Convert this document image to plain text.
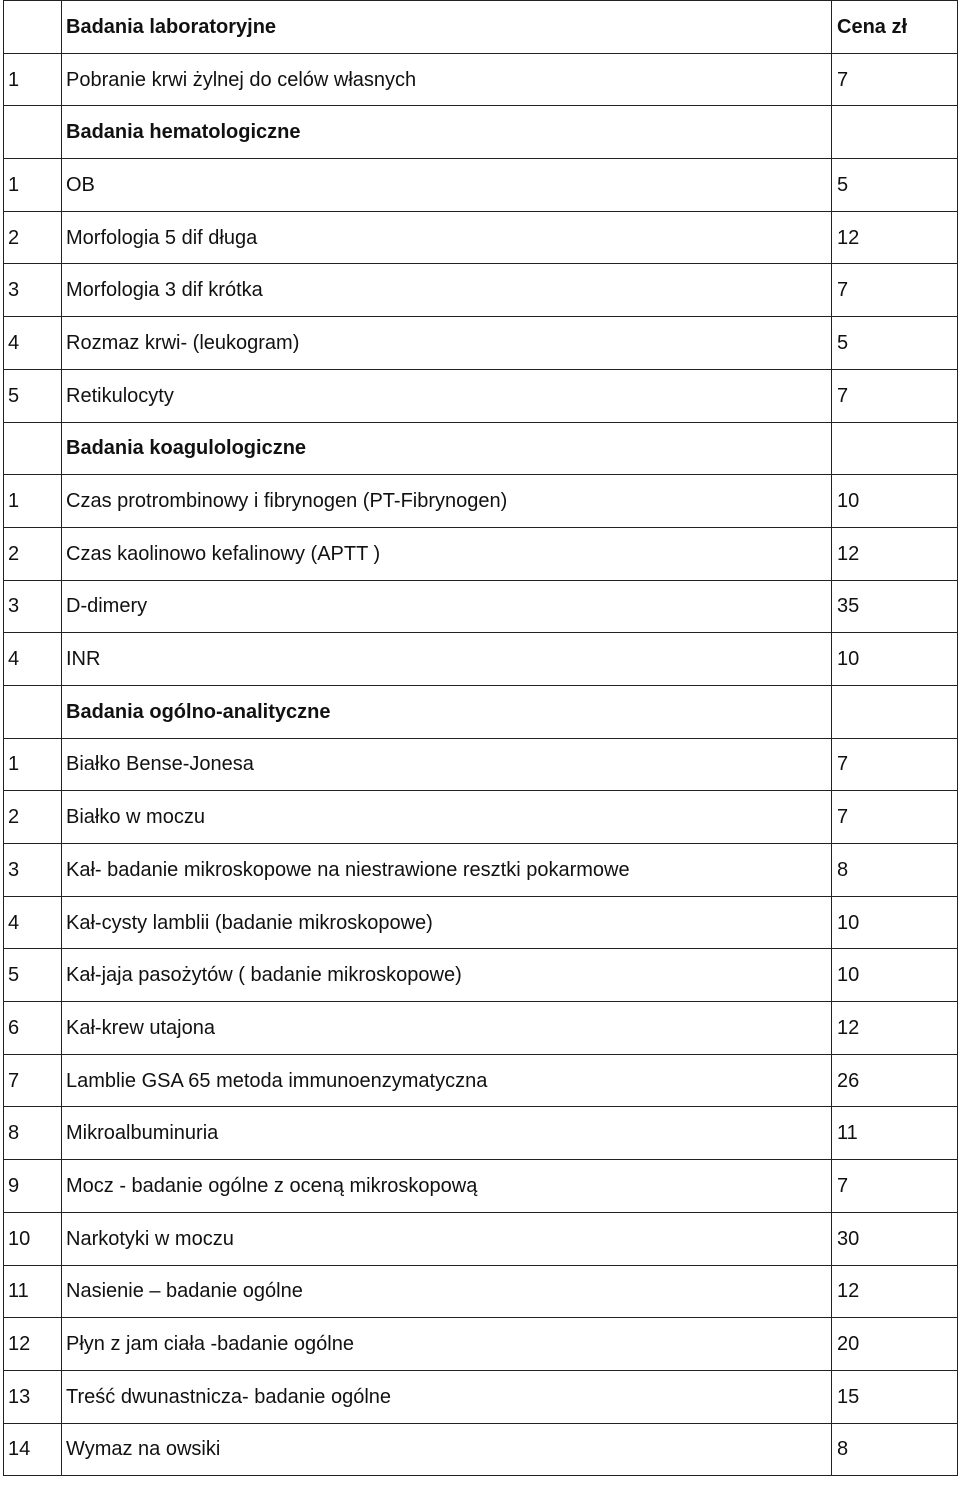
	Badania laboratoryjne	Cena zł
1	Pobranie krwi żylnej do celów własnych	7
	Badania hematologiczne	
1	OB	5
2	Morfologia 5 dif długa	12
3	Morfologia 3 dif krótka	7
4	Rozmaz krwi- (leukogram)	5
5	Retikulocyty	7
	Badania koagulologiczne	
1	Czas protrombinowy i fibrynogen (PT-Fibrynogen)	10
2	Czas kaolinowo kefalinowy (APTT )	12
3	D-dimery	35
4	INR	10
	Badania ogólno-analityczne	
1	Białko Bense-Jonesa	7
2	Białko w moczu	7
3	Kał- badanie mikroskopowe na niestrawione resztki pokarmowe	8
4	Kał-cysty lamblii (badanie mikroskopowe)	10
5	Kał-jaja pasożytów ( badanie mikroskopowe)	10
6	Kał-krew utajona	12
7	Lamblie GSA 65 metoda immunoenzymatyczna	26
8	Mikroalbuminuria	11
9	Mocz - badanie ogólne z oceną mikroskopową	7
10	Narkotyki w moczu	30
11	Nasienie – badanie ogólne	12
12	Płyn z jam ciała -badanie ogólne	20
13	Treść dwunastnicza- badanie ogólne	15
14	Wymaz na owsiki	8
